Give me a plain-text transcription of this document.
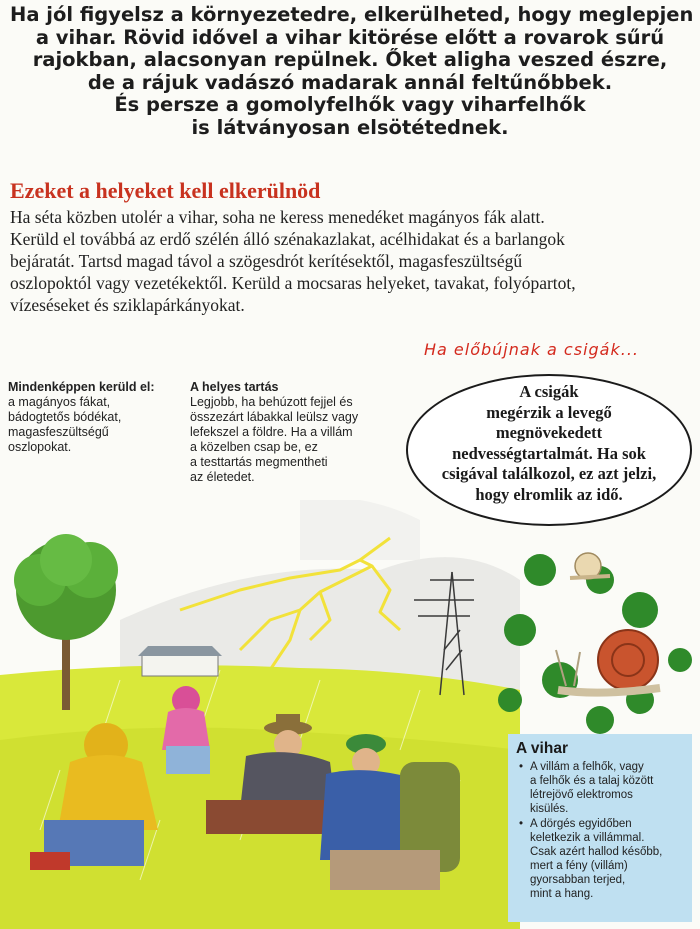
Ha jól figyelsz a környezetedre, elkerülheted, hogy meglepjen
a vihar. Rövid idővel a vihar kitörése előtt a rovarok sűrű
rajokban, alacsonyan repülnek. Őket aligha veszed észre,
de a rájuk vadászó madarak annál feltűnőbbek.
És persze a gomolyfelhők vagy viharfelhők
is látványosan elsötétednek.
Ezeket a helyeket kell elkerülnöd
Ha séta közben utolér a vihar, soha ne keress menedéket magányos fák alatt.
Kerüld el továbbá az erdő szélén álló szénakazlakat, acélhidakat és a barlangok
bejáratát. Tartsd magad távol a szögesdrót kerítésektől, magasfeszültségű
oszlopoktól vagy vezetékektől. Kerüld a mocsaras helyeket, tavakat, folyópartot,
vízeséseket és sziklapárkányokat.
Ha előbújnak a csigák...
Mindenképpen kerüld el:
a magányos fákat,
bádogtetős bódékat,
magasfeszültségű
oszlopokat.
A helyes tartás
Legjobb, ha behúzott fejjel és
összezárt lábakkal leülsz vagy
lefekszel a földre. Ha a villám
a közelben csap be, ez
a testtartás megmentheti
az életedet.
A csigák
megérzik a levegő
megnövekedett
nedvességtartalmát. Ha sok
csigával találkozol, ez azt jelzi,
hogy elromlik az idő.
A vihar
• A villám a felhők, vagy
a felhők és a talaj között
létrejövő elektromos
kisülés.
• A dörgés egyidőben
keletkezik a villámmal.
Csak azért hallod később,
mert a fény (villám)
gyorsabban terjed,
mint a hang.
